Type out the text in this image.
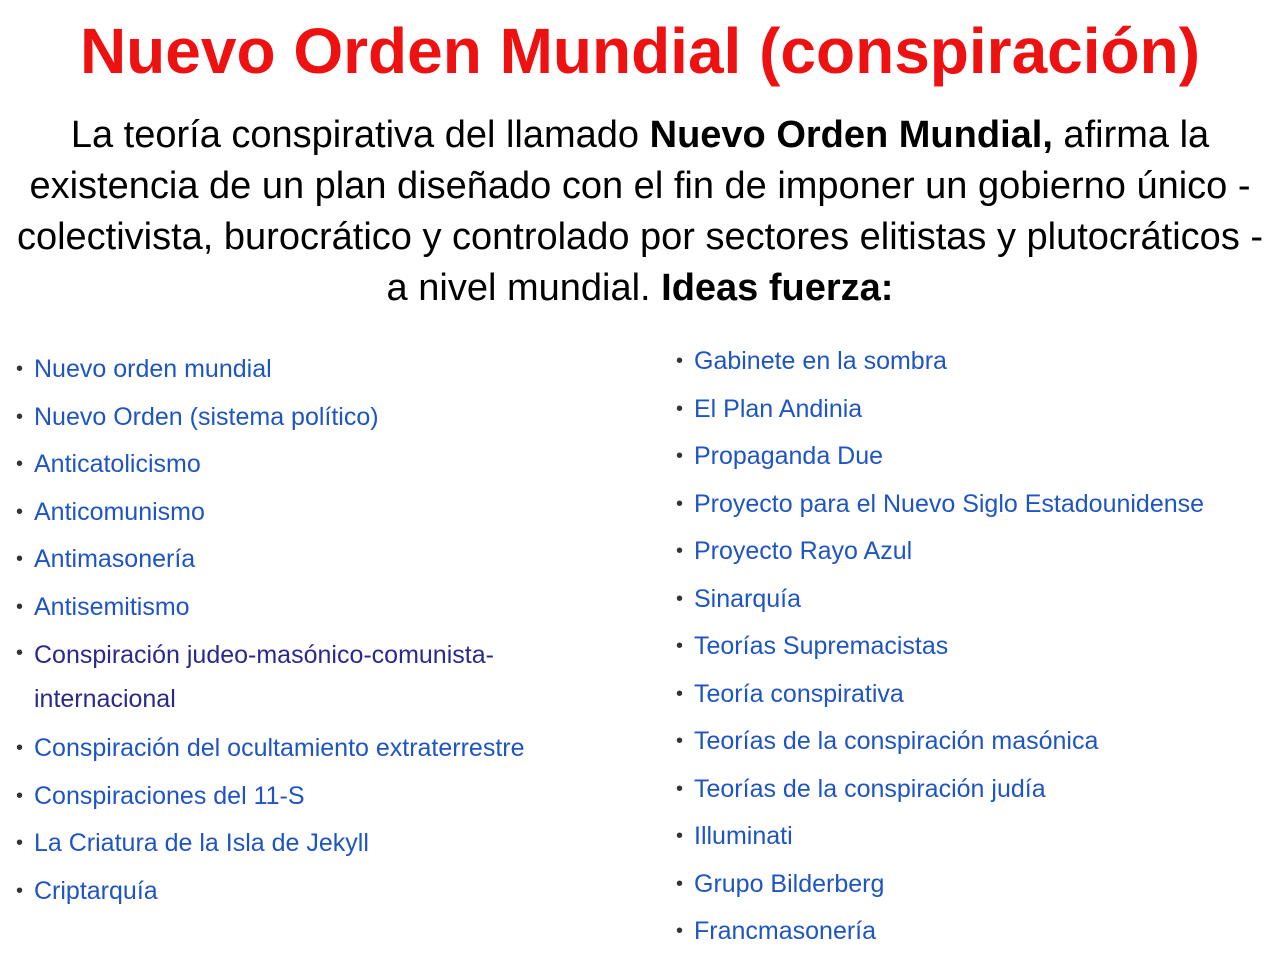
Nuevo Orden Mundial (conspiración)

La teoría conspirativa del llamado Nuevo Orden Mundial, afirma la existencia de un plan diseñado con el fin de imponer un gobierno único - colectivista, burocrático y controlado por sectores elitistas y plutocráticos - a nivel mundial. Ideas fuerza:

• Nuevo orden mundial
• Nuevo Orden (sistema político)
• Anticatolicismo
• Anticomunismo
• Antimasonería
• Antisemitismo
• Conspiración judeo-masónico-comunista-internacional
• Conspiración del ocultamiento extraterrestre
• Conspiraciones del 11-S
• La Criatura de la Isla de Jekyll
• Criptarquía
• Gabinete en la sombra
• El Plan Andinia
• Propaganda Due
• Proyecto para el Nuevo Siglo Estadounidense
• Proyecto Rayo Azul
• Sinarquía
• Teorías Supremacistas
• Teoría conspirativa
• Teorías de la conspiración masónica
• Teorías de la conspiración judía
• Illuminati
• Grupo Bilderberg
• Francmasonería
